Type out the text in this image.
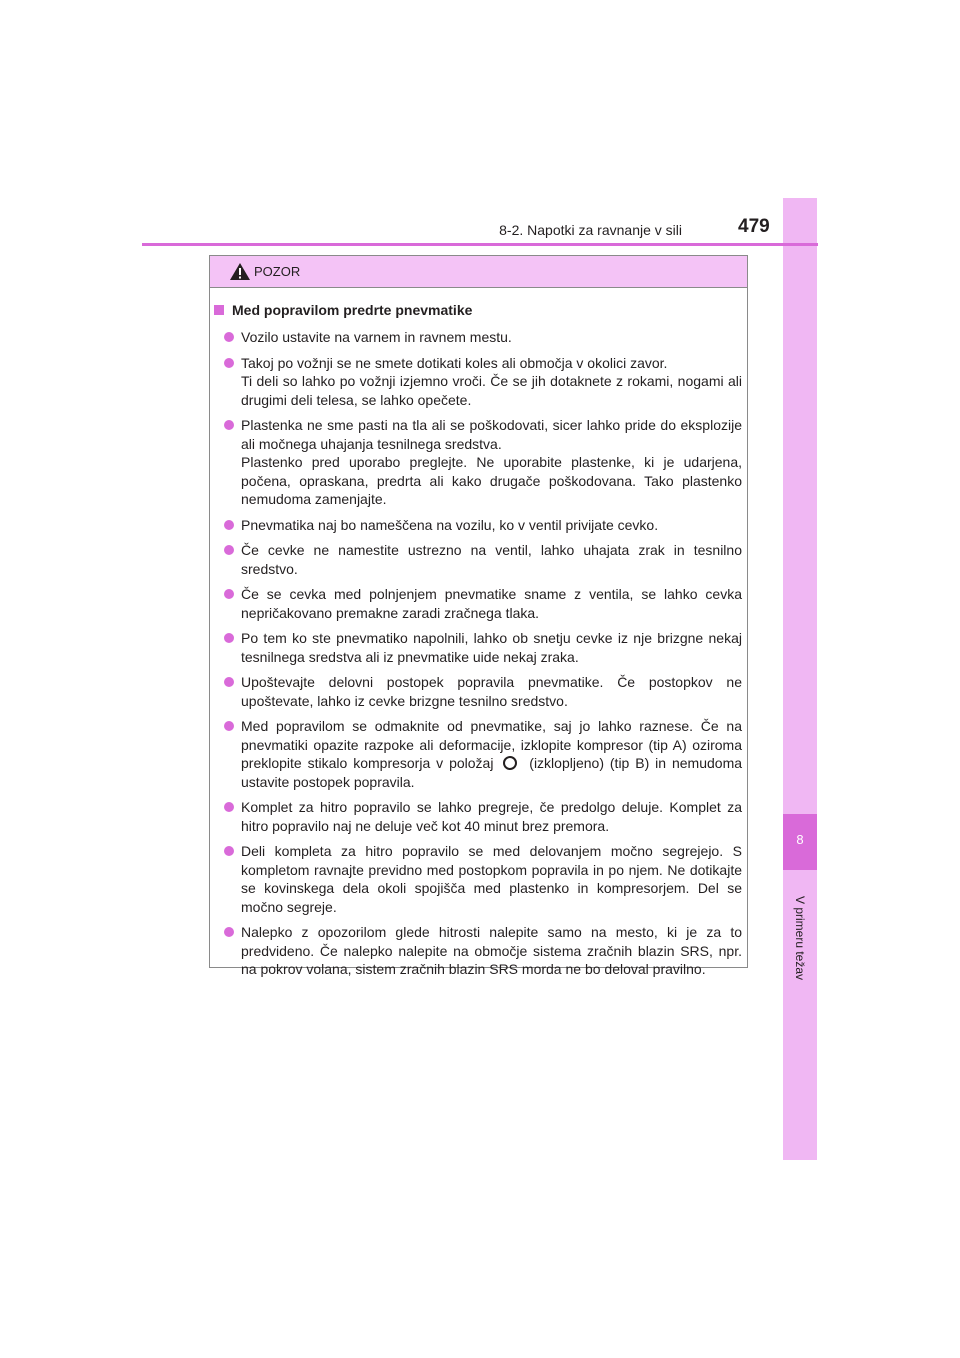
8
V primeru težav
8-2. Napotki za ravnanje v sili	479
POZOR
Med popravilom predrte pnevmatike

Vozilo ustavite na varnem in ravnem mestu.

Takoj po vožnji se ne smete dotikati koles ali območja v okolici zavor.

Ti deli so lahko po vožnji izjemno vroči. Če se jih dotaknete z rokami, nogami ali drugimi deli telesa, se lahko opečete.

Plastenka ne sme pasti na tla ali se poškodovati, sicer lahko pride do eksplozije ali močnega uhajanja tesnilnega sredstva.

Plastenko pred uporabo preglejte. Ne uporabite plastenke, ki je udarjena, počena, opraskana, predrta ali kako drugače poškodovana. Tako plastenko nemudoma zamenjajte.

Pnevmatika naj bo nameščena na vozilu, ko v ventil privijate cevko.

Če cevke ne namestite ustrezno na ventil, lahko uhajata zrak in tesnilno sredstvo.

Če se cevka med polnjenjem pnevmatike sname z ventila, se lahko cevka nepričakovano premakne zaradi zračnega tlaka.

Po tem ko ste pnevmatiko napolnili, lahko ob snetju cevke iz nje brizgne nekaj tesnilnega sredstva ali iz pnevmatike uide nekaj zraka.

Upoštevajte delovni postopek popravila pnevmatike. Če postopkov ne upoštevate, lahko iz cevke brizgne tesnilno sredstvo.

Med popravilom se odmaknite od pnevmatike, saj jo lahko raznese. Če na pnevmatiki opazite razpoke ali deformacije, izklopite kompresor (tip A) oziroma preklopite stikalo kompresorja v položaj	(izklopljeno) (tip B) in nemudoma ustavite postopek popravila.

Komplet za hitro popravilo se lahko pregreje, če predolgo deluje. Komplet za hitro popravilo naj ne deluje več kot 40 minut brez premora.

Deli kompleta za hitro popravilo se med delovanjem močno segrejejo. S kompletom ravnajte previdno med postopkom popravila in po njem. Ne dotikajte se kovinskega dela okoli spojišča med plastenko in kompresorjem. Del se močno segreje.

Nalepko z opozorilom glede hitrosti nalepite samo na mesto, ki je za to predvideno. Če nalepko nalepite na območje sistema zračnih blazin SRS, npr. na pokrov volana, sistem zračnih blazin SRS morda ne bo deloval pravilno.
